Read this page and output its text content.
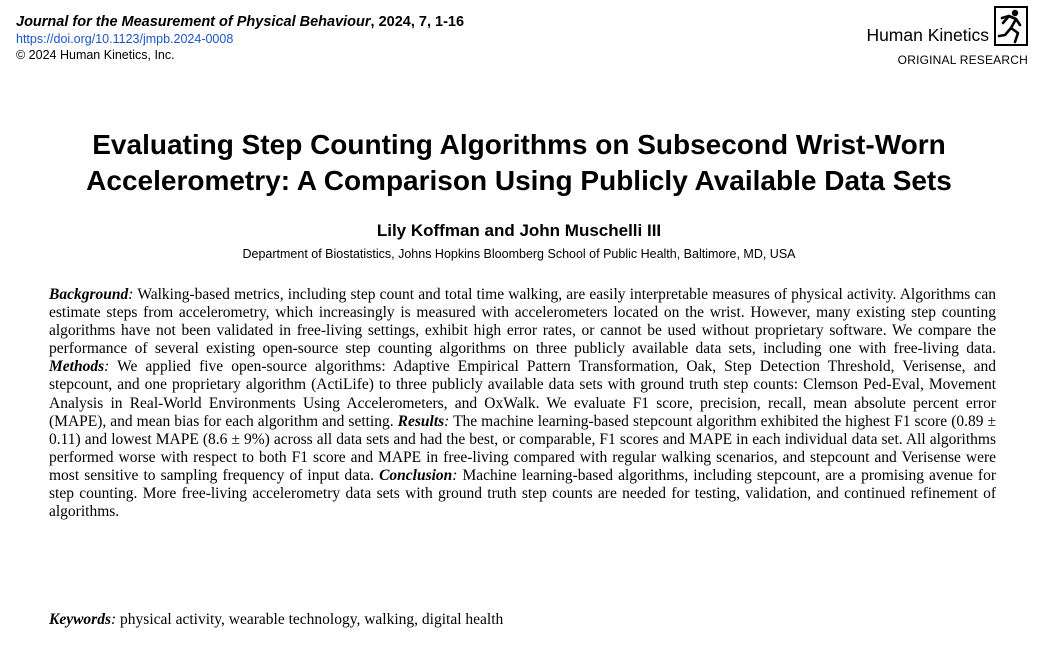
Journal for the Measurement of Physical Behaviour, 2024, 7, 1-16
https://doi.org/10.1123/jmpb.2024-0008
© 2024 Human Kinetics, Inc.
Human Kinetics
ORIGINAL RESEARCH
Evaluating Step Counting Algorithms on Subsecond Wrist-Worn
Accelerometry: A Comparison Using Publicly Available Data Sets
Lily Koffman and John Muschelli III
Department of Biostatistics, Johns Hopkins Bloomberg School of Public Health, Baltimore, MD, USA

Background: Walking-based metrics, including step count and total time walking, are easily interpretable measures of physical activity. Algorithms can estimate steps from accelerometry, which increasingly is measured with accelerometers located on the wrist. However, many existing step counting algorithms have not been validated in free-living settings, exhibit high error rates, or cannot be used without proprietary software. We compare the performance of several existing open-source step counting algorithms on three publicly available data sets, including one with free-living data. Methods: We applied five open-source algorithms: Adaptive Empirical Pattern Transformation, Oak, Step Detection Threshold, Verisense, and stepcount, and one proprietary algorithm (ActiLife) to three publicly available data sets with ground truth step counts: Clemson Ped-Eval, Movement Analysis in Real-World Environments Using Accelerometers, and OxWalk. We evaluate F1 score, precision, recall, mean absolute percent error (MAPE), and mean bias for each algorithm and setting. Results: The machine learning-based stepcount algorithm exhibited the highest F1 score (0.89 ± 0.11) and lowest MAPE (8.6 ± 9%) across all data sets and had the best, or comparable, F1 scores and MAPE in each individual data set. All algorithms performed worse with respect to both F1 score and MAPE in free-living compared with regular walking scenarios, and stepcount and Verisense were most sensitive to sampling frequency of input data. Conclusion: Machine learning-based algorithms, including stepcount, are a promising avenue for step counting. More free-living accelerometry data sets with ground truth step counts are needed for testing, validation, and continued refinement of algorithms.

Keywords: physical activity, wearable technology, walking, digital health
